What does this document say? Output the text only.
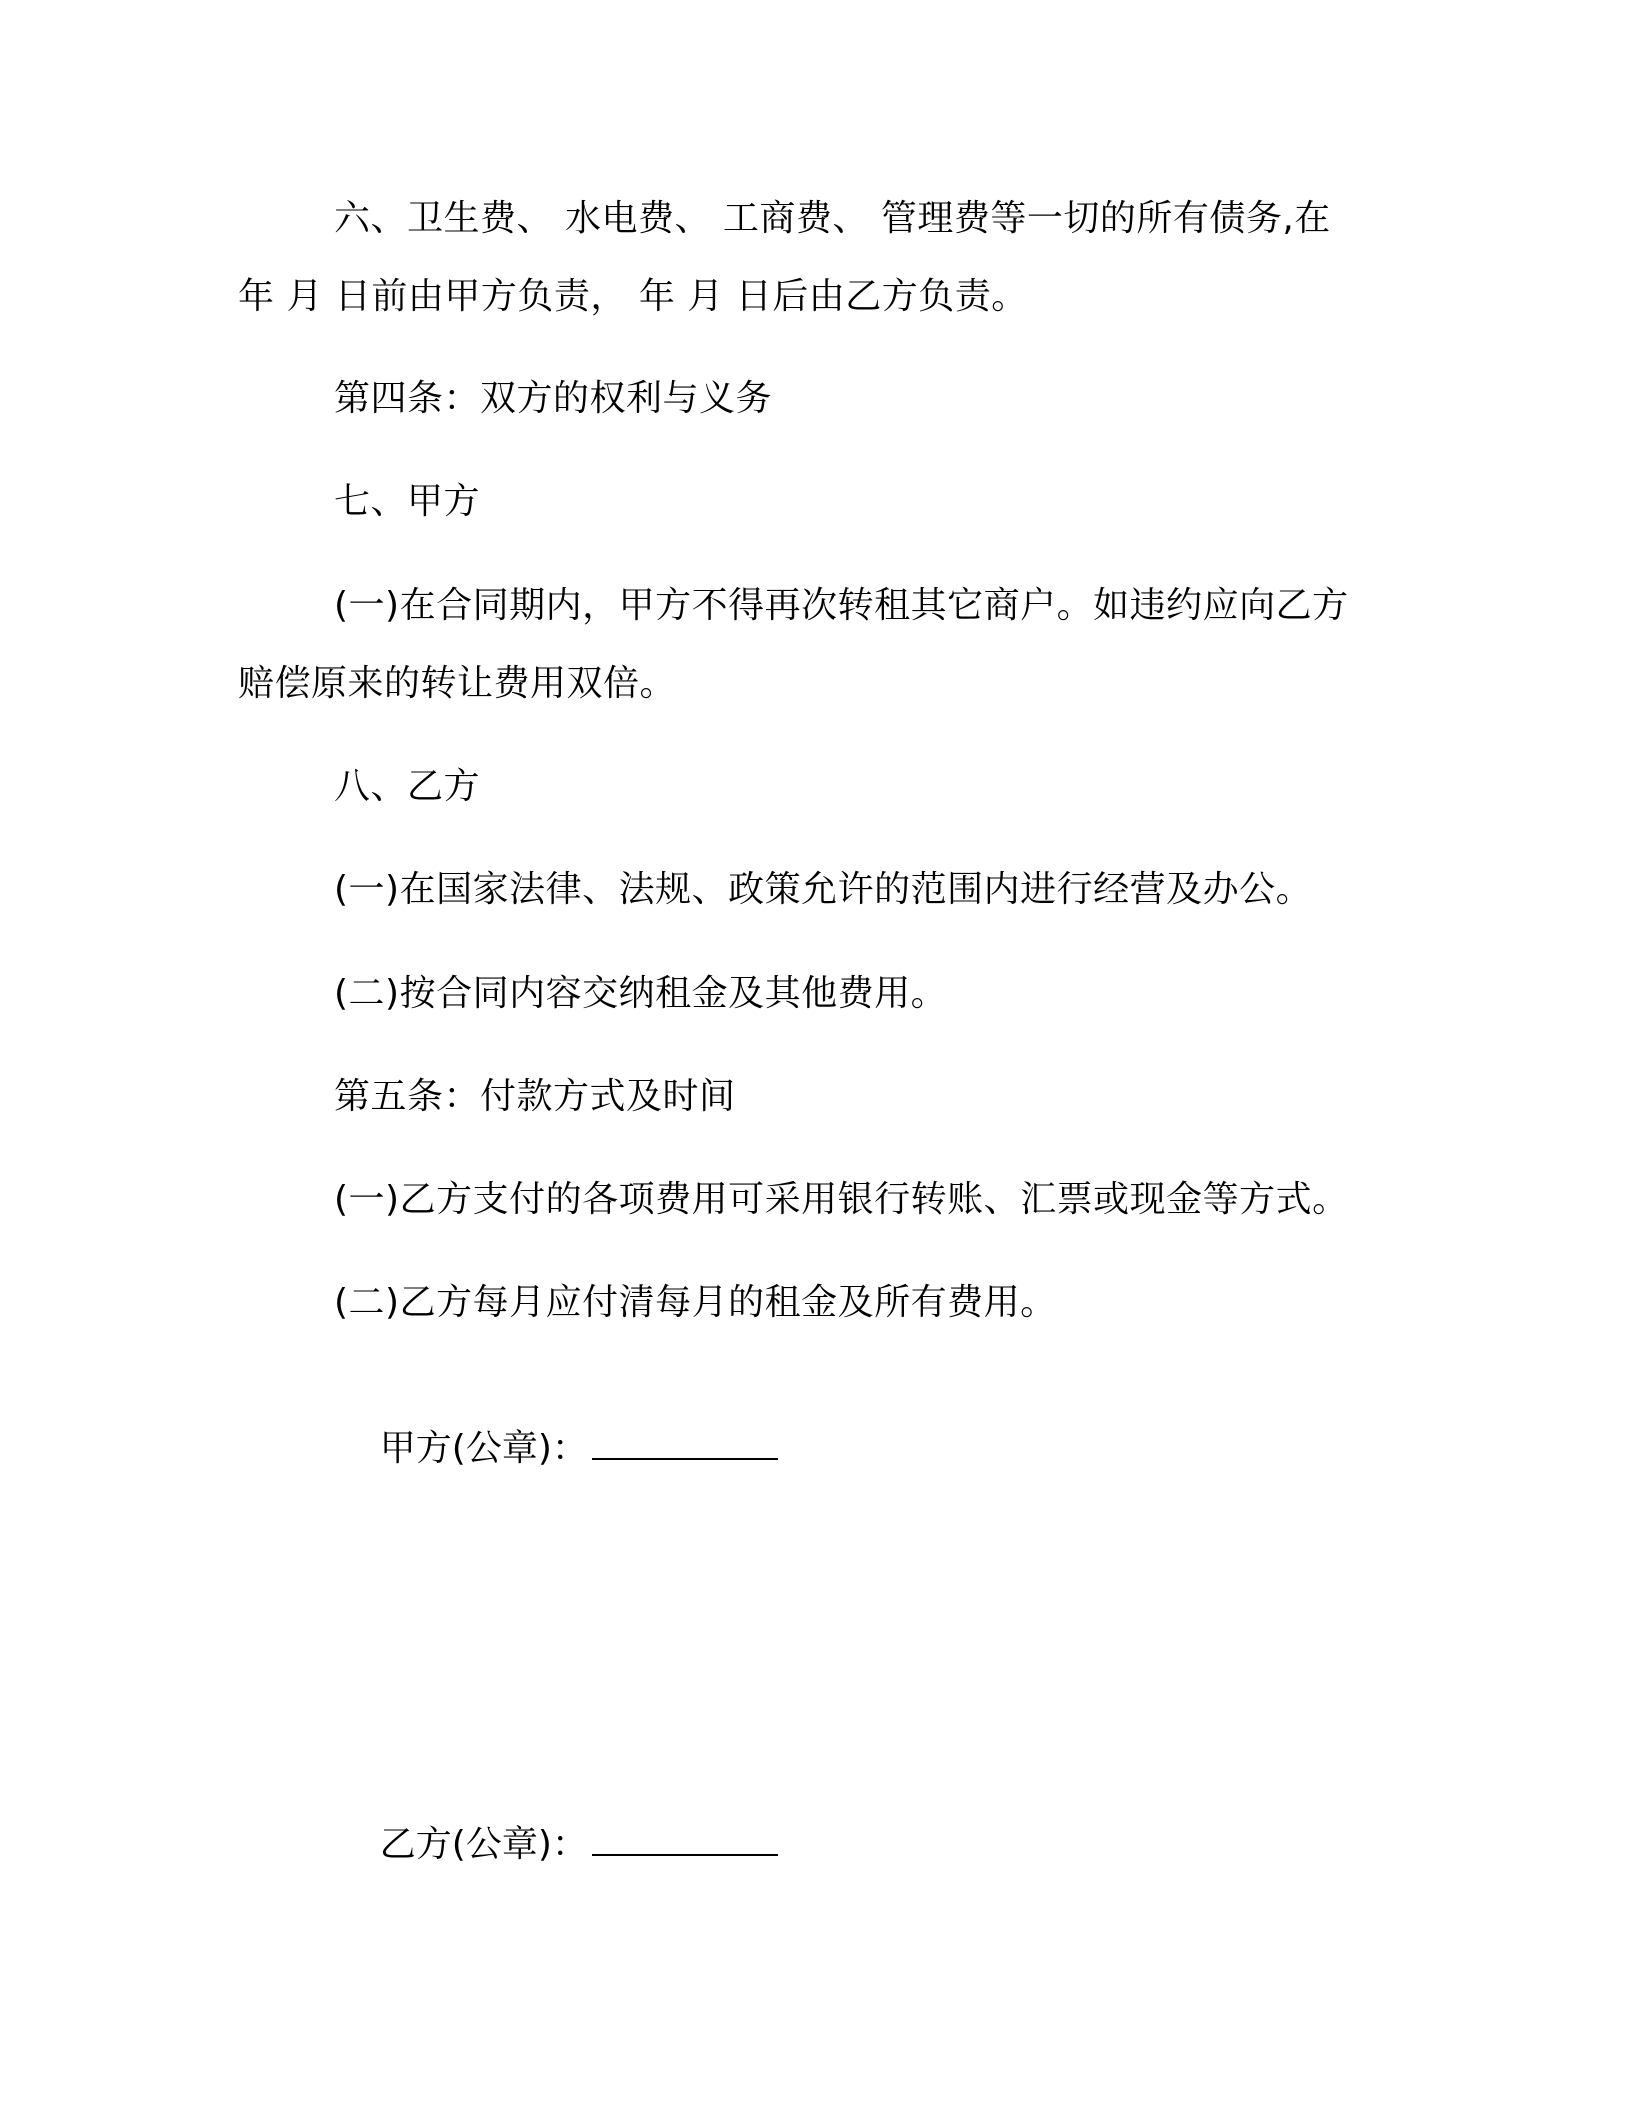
六、卫生费、 水电费、 工商费、 管理费等一切的所有债务,在 年 月 日前由甲方负责， 年 月 日后由乙方负责。

第四条：双方的权利与义务

七、甲方

(一)在合同期内，甲方不得再次转租其它商户。如违约应向乙方赔偿原来的转让费用双倍。

八、乙方

(一)在国家法律、法规、政策允许的范围内进行经营及办公。

(二)按合同内容交纳租金及其他费用。

第五条：付款方式及时间

(一)乙方支付的各项费用可采用银行转账、汇票或现金等方式。

(二)乙方每月应付清每月的租金及所有费用。

甲方(公章)：

乙方(公章)：
